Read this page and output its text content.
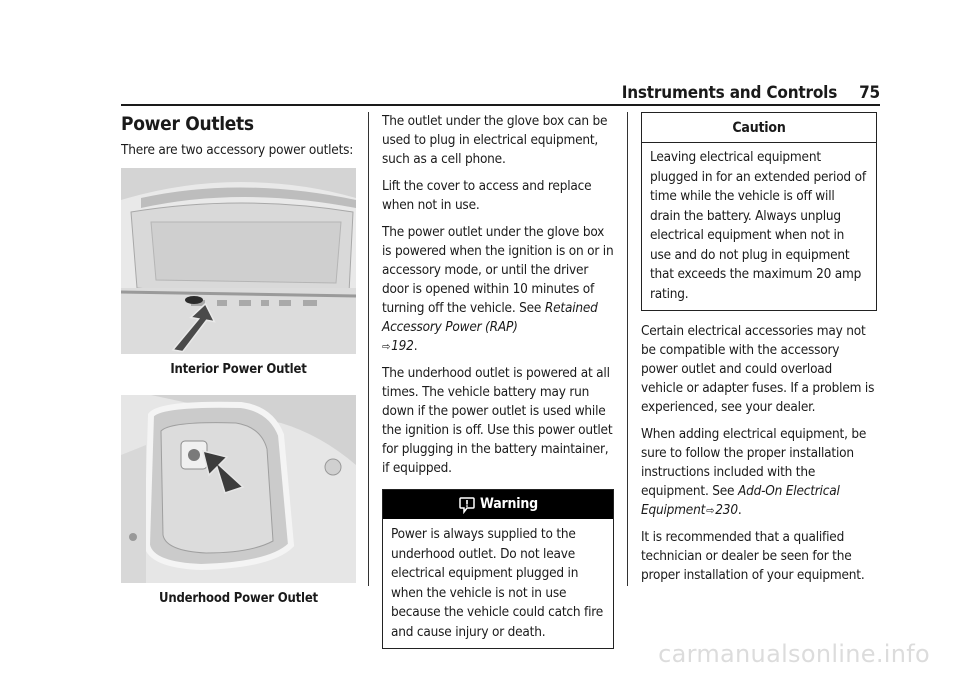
Instruments and Controls 75
Power Outlets

There are two accessory power outlets:

Interior Power Outlet
Underhood Power Outlet

The outlet under the glove box can be used to plug in electrical equipment, such as a cell phone.

Lift the cover to access and replace when not in use.

The power outlet under the glove box is powered when the ignition is on or in accessory mode, or until the driver door is opened within 10 minutes of turning off the vehicle. See Retained Accessory Power (RAP)
⇨ 192.

The underhood outlet is powered at all times. The vehicle battery may run down if the power outlet is used while the ignition is off. Use this power outlet for plugging in the battery maintainer, if equipped.

Warning
Power is always supplied to the underhood outlet. Do not leave electrical equipment plugged in when the vehicle is not in use because the vehicle could catch fire and cause injury or death.
Caution
Leaving electrical equipment plugged in for an extended period of time while the vehicle is off will drain the battery. Always unplug electrical equipment when not in use and do not plug in equipment that exceeds the maximum 20 amp rating.

Certain electrical accessories may not be compatible with the accessory power outlet and could overload vehicle or adapter fuses. If a problem is experienced, see your dealer.

When adding electrical equipment, be sure to follow the proper installation instructions included with the equipment. See Add-On Electrical Equipment ⇨ 230.

It is recommended that a qualified technician or dealer be seen for the proper installation of your equipment.

carmanualsonline.info
